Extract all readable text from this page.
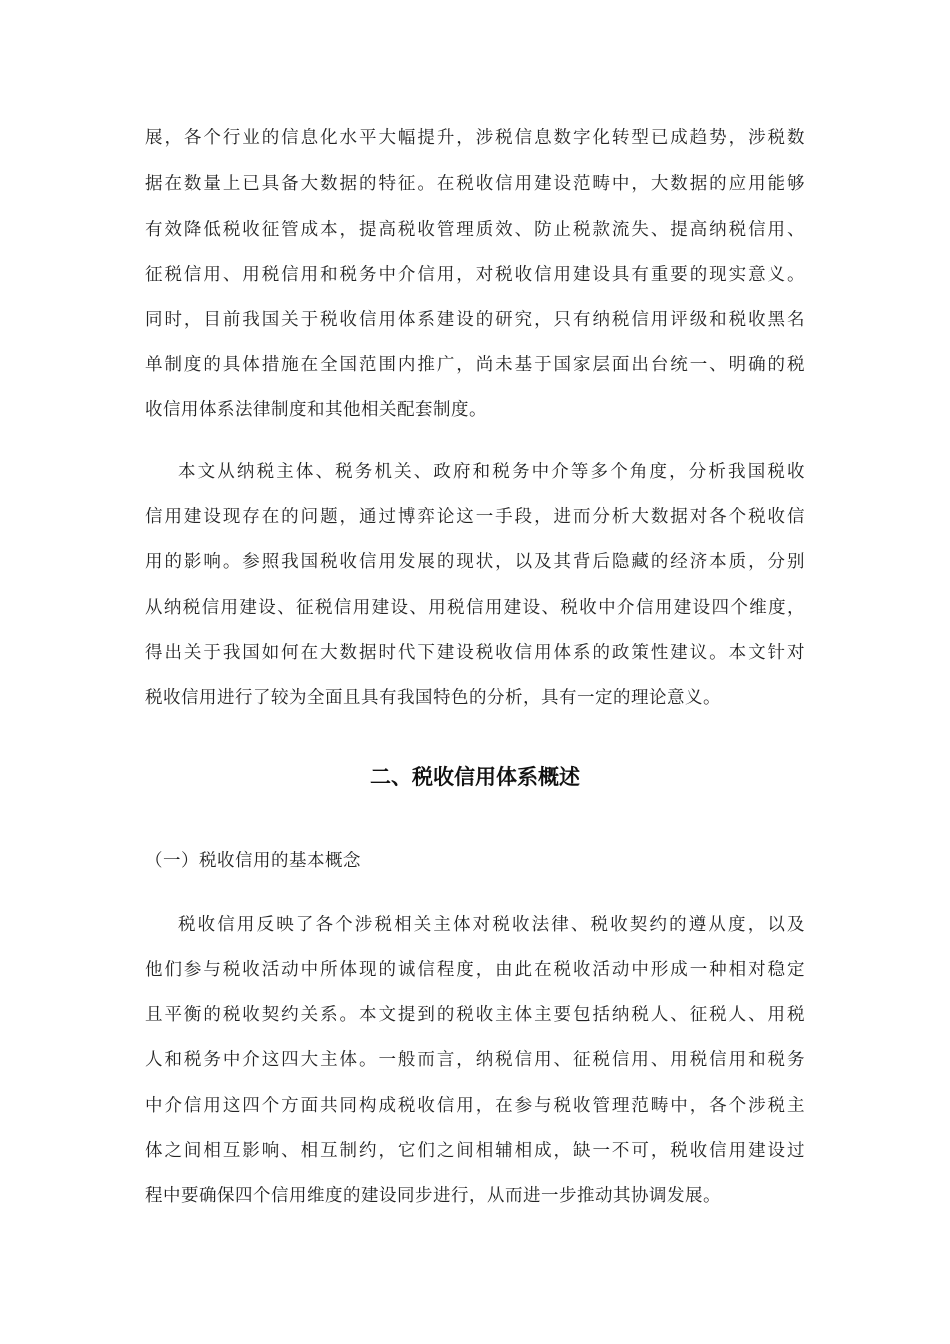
展，各个行业的信息化水平大幅提升，涉税信息数字化转型已成趋势，涉税数
据在数量上已具备大数据的特征。在税收信用建设范畴中，大数据的应用能够
有效降低税收征管成本，提高税收管理质效、防止税款流失、提高纳税信用、
征税信用、用税信用和税务中介信用，对税收信用建设具有重要的现实意义。
同时，目前我国关于税收信用体系建设的研究，只有纳税信用评级和税收黑名
单制度的具体措施在全国范围内推广，尚未基于国家层面出台统一、明确的税
收信用体系法律制度和其他相关配套制度。
本文从纳税主体、税务机关、政府和税务中介等多个角度，分析我国税收
信用建设现存在的问题，通过博弈论这一手段，进而分析大数据对各个税收信
用的影响。参照我国税收信用发展的现状，以及其背后隐藏的经济本质，分别
从纳税信用建设、征税信用建设、用税信用建设、税收中介信用建设四个维度，
得出关于我国如何在大数据时代下建设税收信用体系的政策性建议。本文针对
税收信用进行了较为全面且具有我国特色的分析，具有一定的理论意义。
二、税收信用体系概述
（一）税收信用的基本概念
税收信用反映了各个涉税相关主体对税收法律、税收契约的遵从度，以及
他们参与税收活动中所体现的诚信程度，由此在税收活动中形成一种相对稳定
且平衡的税收契约关系。本文提到的税收主体主要包括纳税人、征税人、用税
人和税务中介这四大主体。一般而言，纳税信用、征税信用、用税信用和税务
中介信用这四个方面共同构成税收信用，在参与税收管理范畴中，各个涉税主
体之间相互影响、相互制约，它们之间相辅相成，缺一不可，税收信用建设过
程中要确保四个信用维度的建设同步进行，从而进一步推动其协调发展。
